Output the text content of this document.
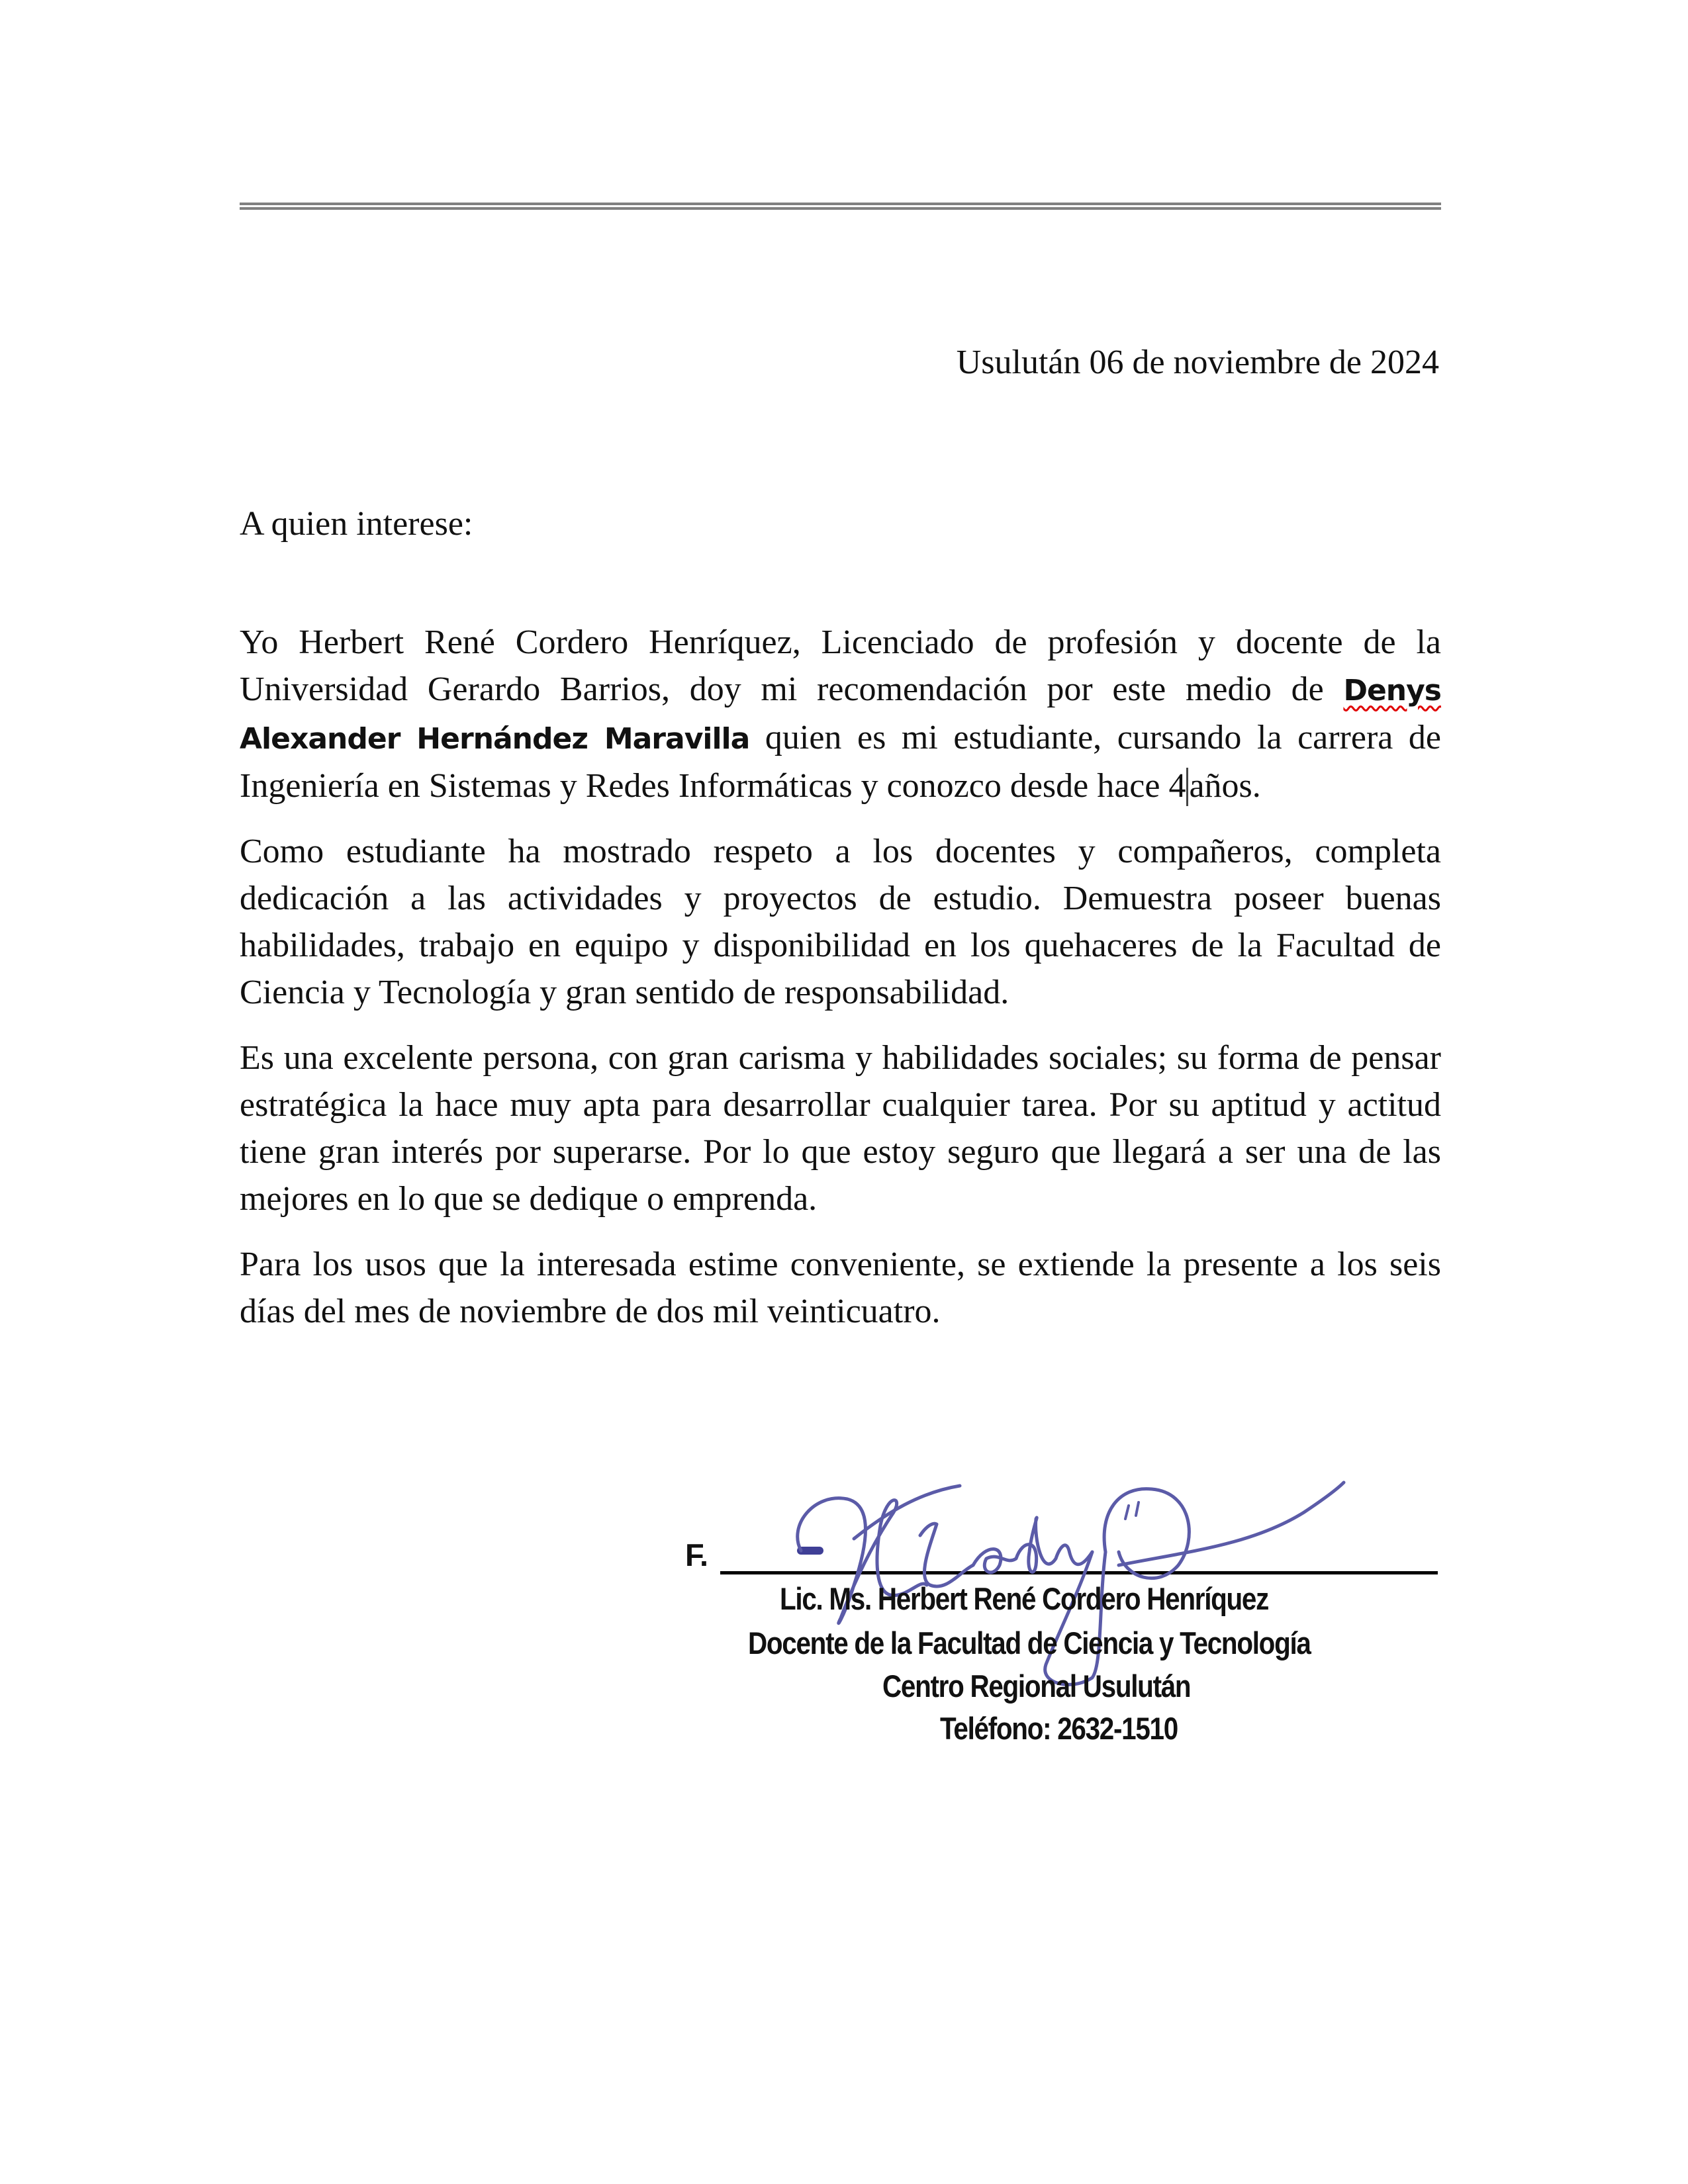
Usulután 06 de noviembre de 2024
A quien interese:

Yo Herbert René Cordero Henríquez, Licenciado de profesión y docente de la Universidad Gerardo Barrios, doy mi recomendación por este medio de Denys Alexander Hernández Maravilla quien es mi estudiante, cursando la carrera de Ingeniería en Sistemas y Redes Informáticas y conozco desde hace 4años.

Como estudiante ha mostrado respeto a los docentes y compañeros, completa dedicación a las actividades y proyectos de estudio. Demuestra poseer buenas habilidades, trabajo en equipo y disponibilidad en los quehaceres de la Facultad de Ciencia y Tecnología y gran sentido de responsabilidad.

Es una excelente persona, con gran carisma y habilidades sociales; su forma de pensar estratégica la hace muy apta para desarrollar cualquier tarea. Por su aptitud y actitud tiene gran interés por superarse. Por lo que estoy seguro que llegará a ser una de las mejores en lo que se dedique o emprenda.

Para los usos que la interesada estime conveniente, se extiende la presente a los seis días del mes de noviembre de dos mil veinticuatro.

F.
Lic. Ms. Herbert René Cordero Henríquez
Docente de la Facultad de Ciencia y Tecnología
Centro Regional Usulután
Teléfono: 2632-1510
